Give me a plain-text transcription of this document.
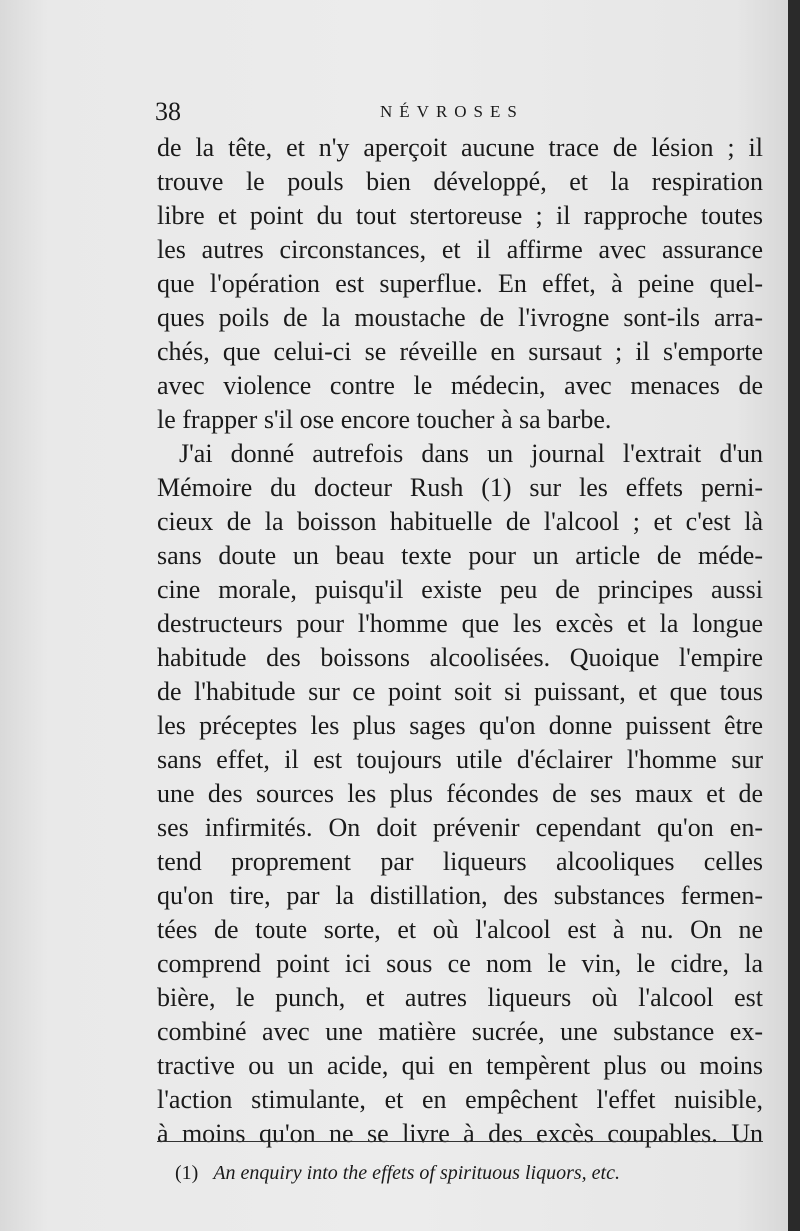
38	NÉVROSES
de la tête, et n'y aperçoit aucune trace de lésion ; il
trouve le pouls bien développé, et la respiration
libre et point du tout stertoreuse ; il rapproche toutes
les autres circonstances, et il affirme avec assurance
que l'opération est superflue. En effet, à peine quel-
ques poils de la moustache de l'ivrogne sont-ils arra-
chés, que celui-ci se réveille en sursaut ; il s'emporte
avec violence contre le médecin, avec menaces de
le frapper s'il ose encore toucher à sa barbe.
J'ai donné autrefois dans un journal l'extrait d'un
Mémoire du docteur Rush (1) sur les effets perni-
cieux de la boisson habituelle de l'alcool ; et c'est là
sans doute un beau texte pour un article de méde-
cine morale, puisqu'il existe peu de principes aussi
destructeurs pour l'homme que les excès et la longue
habitude des boissons alcoolisées. Quoique l'empire
de l'habitude sur ce point soit si puissant, et que tous
les préceptes les plus sages qu'on donne puissent être
sans effet, il est toujours utile d'éclairer l'homme sur
une des sources les plus fécondes de ses maux et de
ses infirmités. On doit prévenir cependant qu'on en-
tend proprement par liqueurs alcooliques celles
qu'on tire, par la distillation, des substances fermen-
tées de toute sorte, et où l'alcool est à nu. On ne
comprend point ici sous ce nom le vin, le cidre, la
bière, le punch, et autres liqueurs où l'alcool est
combiné avec une matière sucrée, une substance ex-
tractive ou un acide, qui en tempèrent plus ou moins
l'action stimulante, et en empêchent l'effet nuisible,
à moins qu'on ne se livre à des excès coupables. Un
(1) An enquiry into the effets of spirituous liquors, etc.
